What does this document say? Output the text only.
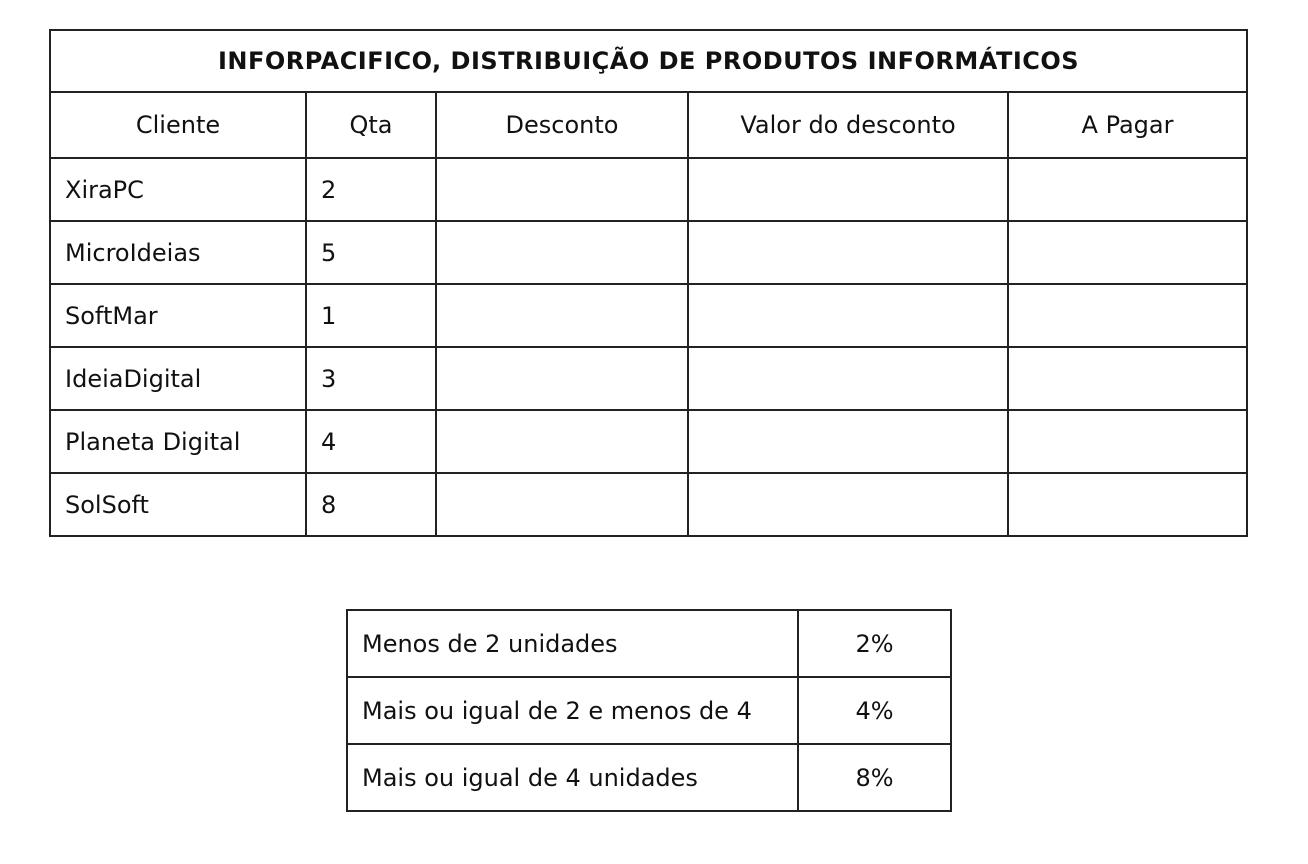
INFORPACIFICO, DISTRIBUIÇÃO DE PRODUTOS INFORMÁTICOS				
Cliente	Qta	Desconto	Valor do desconto	A Pagar
XiraPC	2			
MicroIdeias	5			
SoftMar	1			
IdeiaDigital	3			
Planeta Digital	4			
SolSoft	8			
Menos de 2 unidades	2%
Mais ou igual de 2 e menos de 4	4%
Mais ou igual de 4 unidades	8%
